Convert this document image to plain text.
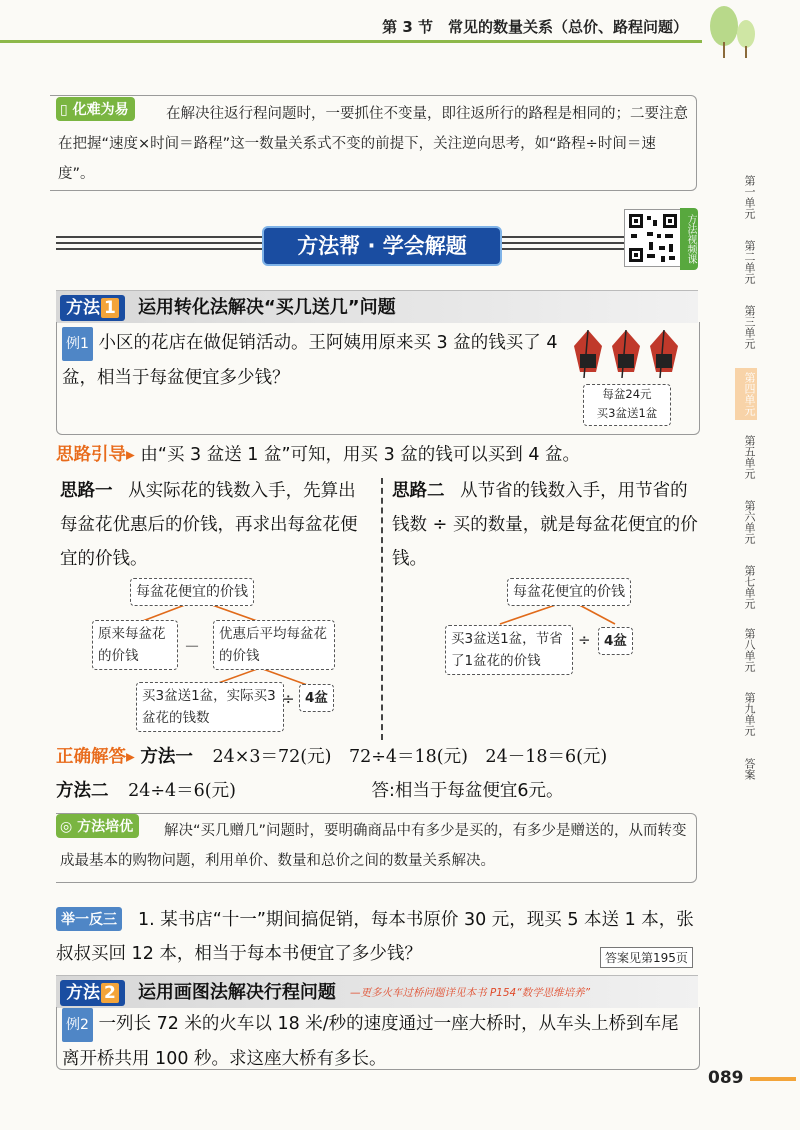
第 3 节　常见的数量关系（总价、路程问题）
在解决往返行程问题时，一要抓住不变量，即往返所行的路程是相同的；二要注意在把握“速度×时间＝路程”这一数量关系式不变的前提下，关注逆向思考，如“路程÷时间＝速度”。
▯ 化难为易
方法帮 · 学会解题	方法视频课
第一单元
第二单元
第三单元
第四单元
第五单元
第六单元
第七单元
第八单元
第九单元
答案
方法 1 运用转化法解决“买几送几”问题
例1 小区的花店在做促销活动。王阿姨用原来买 3 盆的钱买了 4 盆，相当于每盆便宜多少钱？
每盆24元
买3盆送1盆
思路引导▸ 由“买 3 盆送 1 盆”可知，用买 3 盆的钱可以买到 4 盆。
思路一 从实际花的钱数入手，先算出每盆花优惠后的价钱，再求出每盆花便宜的价钱。
思路二 从节省的钱数入手，用节省的钱数 ÷ 买的数量，就是每盆花便宜的价钱。
每盆花便宜的价钱
原来每盆花的价钱	－
优惠后平均每盆花的价钱
买3盆送1盆，实际买3盆花的钱数
÷ 4盆
每盆花便宜的价钱
买3盆送1盆，节省了1盆花的价钱
÷ 4盆
正确解答▸ 方法一 24×3＝72(元)　72÷4＝18(元)　24－18＝6(元)
方法二 24÷4＝6(元)	答:相当于每盆便宜6元。
解决“买几赠几”问题时，要明确商品中有多少是买的，有多少是赠送的，从而转变成最基本的购物问题，利用单价、数量和总价之间的数量关系解决。
◎ 方法培优
1. 某书店“十一”期间搞促销，每本书原价 30 元，现买 5 本送 1 本，张叔叔买回 12 本，相当于每本书便宜了多少钱？
举一反三
答案见第195页
方法 2 运用画图法解决行程问题 —更多火车过桥问题详见本书 P154“数学思维培养”
例2 一列长 72 米的火车以 18 米/秒的速度通过一座大桥时，从车头上桥到车尾离开桥共用 100 秒。求这座大桥有多长。
089
